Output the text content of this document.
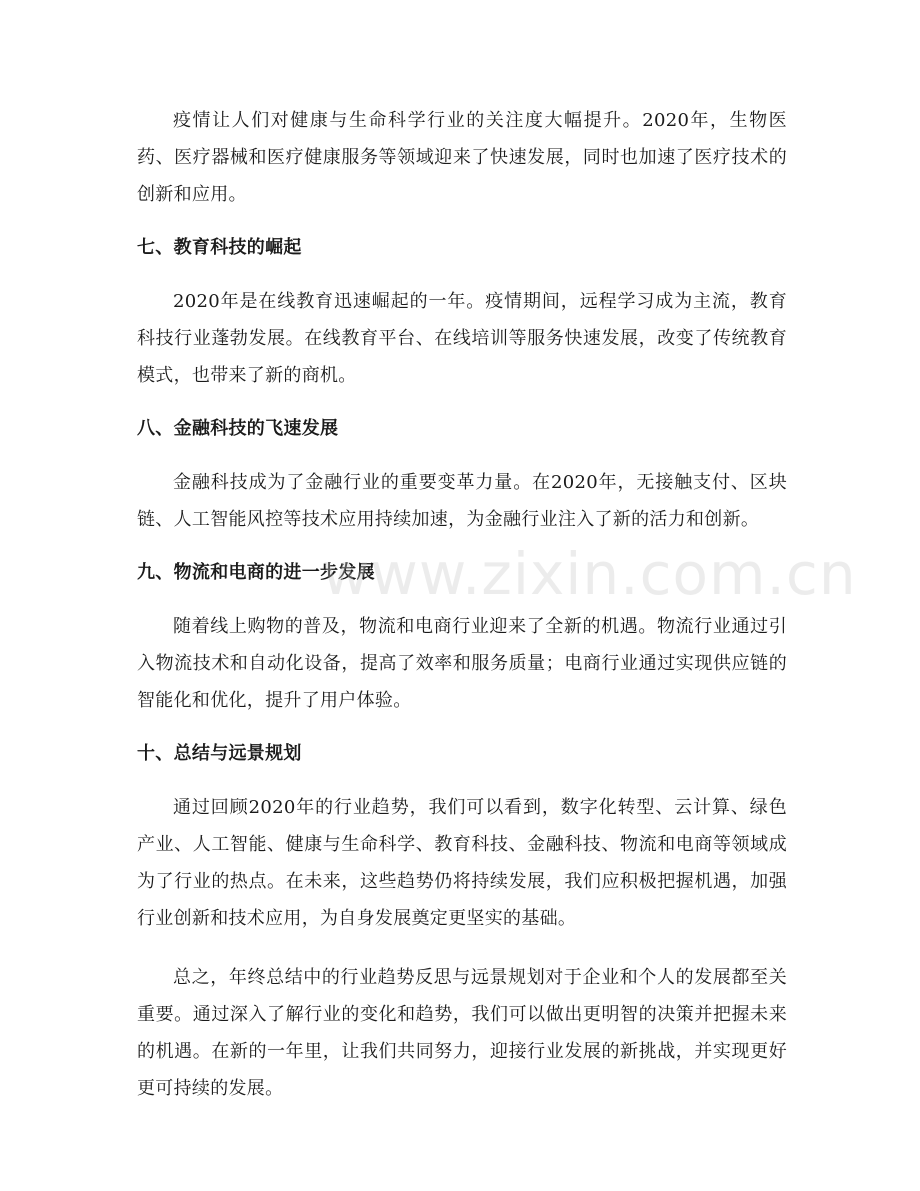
疫情让人们对健康与生命科学行业的关注度大幅提升。2020年，生物医药、医疗器械和医疗健康服务等领域迎来了快速发展，同时也加速了医疗技术的创新和应用。

七、教育科技的崛起

2020年是在线教育迅速崛起的一年。疫情期间，远程学习成为主流，教育科技行业蓬勃发展。在线教育平台、在线培训等服务快速发展，改变了传统教育模式，也带来了新的商机。

八、金融科技的飞速发展

金融科技成为了金融行业的重要变革力量。在2020年，无接触支付、区块链、人工智能风控等技术应用持续加速，为金融行业注入了新的活力和创新。

九、物流和电商的进一步发展

随着线上购物的普及，物流和电商行业迎来了全新的机遇。物流行业通过引入物流技术和自动化设备，提高了效率和服务质量；电商行业通过实现供应链的智能化和优化，提升了用户体验。

十、总结与远景规划

通过回顾2020年的行业趋势，我们可以看到，数字化转型、云计算、绿色产业、人工智能、健康与生命科学、教育科技、金融科技、物流和电商等领域成为了行业的热点。在未来，这些趋势仍将持续发展，我们应积极把握机遇，加强行业创新和技术应用，为自身发展奠定更坚实的基础。

总之，年终总结中的行业趋势反思与远景规划对于企业和个人的发展都至关重要。通过深入了解行业的变化和趋势，我们可以做出更明智的决策并把握未来的机遇。在新的一年里，让我们共同努力，迎接行业发展的新挑战，并实现更好更可持续的发展。

www.zixin.com.cn
